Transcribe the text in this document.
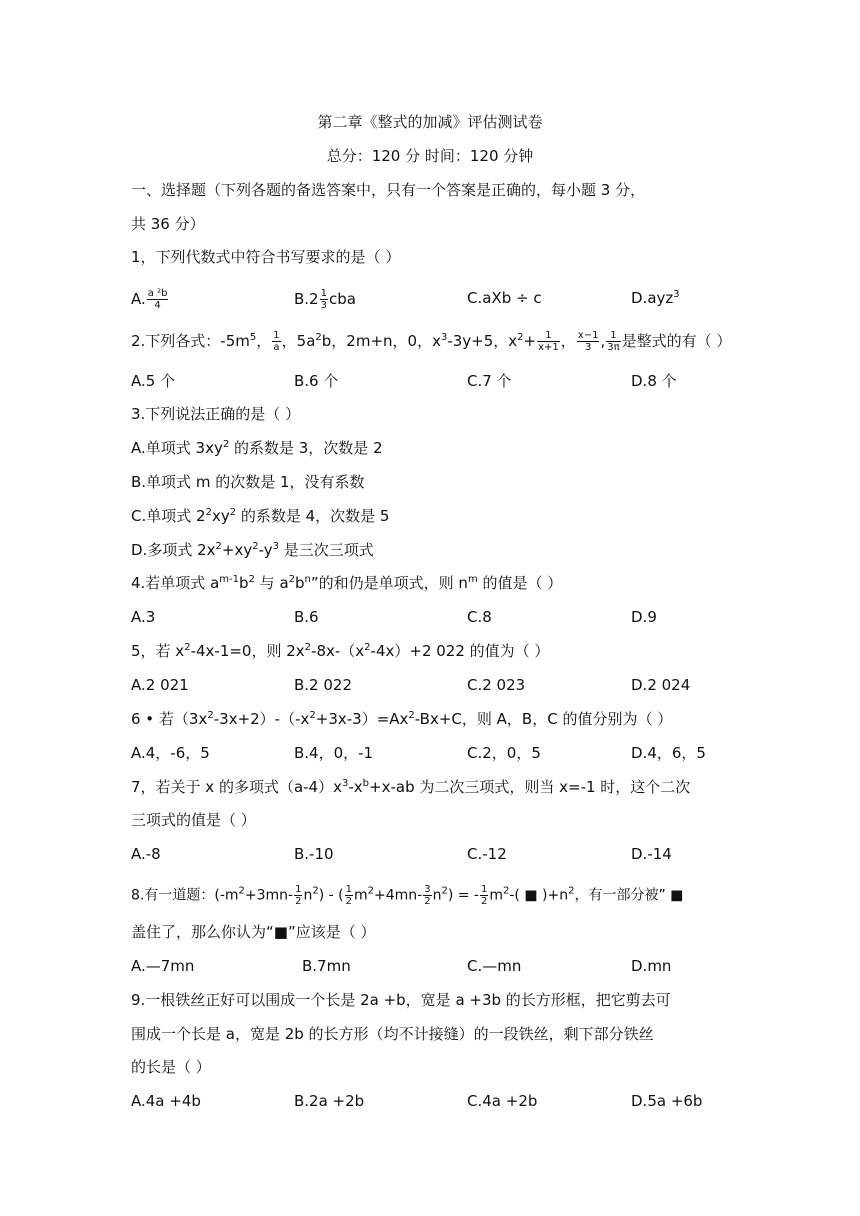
第二章《整式的加减》评估测试卷
总分：120 分 时间：120 分钟
一、选择题（下列各题的备选答案中，只有一个答案是正确的，每小题 3 分，
共 36 分）
1，下列代数式中符合书写要求的是（ ）
A. $\frac{\text{a ²b}}{4}$	$B.2 \frac{1}{3}$ cba	C.aXb ÷ c	D.ayz$^3$
2.下列各式：$-5m^5$， $\frac{1}{a}$ ，$5a^2b$，2m+n，0，$x^3-3y+5$，$x^2+ \frac{1}{x+1}$ ， $\frac{x-1}{3}$ , $\frac{1}{3\pi}$ 是整式的有（ ）
A.5 个	B.6 个	C.7 个	D.8 个
3.下列说法正确的是（ ）
A.单项式 $3xy^2$ 的系数是 3，次数是 2
B.单项式 m 的次数是 1，没有系数
C.单项式 $2^2xy^2$ 的系数是 4，次数是 5
D.多项式 $2x^2+xy^2-y^3$ 是三次三项式
4.若单项式 $a^{m-1}b^2$ 与 $a^2b^n$”的和仍是单项式，则 $n^m$ 的值是（ ）
A.3	B.6	C.8	D.9
5，若 $x^2-4x-1=0$，则 $2x^2-8x-(x^2-4x)+2$ 022 的值为（ ）
A.2 021	B.2 022	C.2 023	D.2 024
6 • 若$(3x^2-3x+2)-(-x^2+3x-3)=Ax^2-Bx+C$，则 A，B，C 的值分别为（ ）
A.4，-6，5	B.4，0，-1	C.2，0，5	D.4，6，5
7，若关于 x 的多项式$(a-4)x^3-x^b+x-ab$ 为二次三项式，则当 x=-1 时，这个二次
三项式的值是（ ）
A.-8	B.-10	C.-12	D.-14
8.有一道题：$(-m^2+3mn- \frac{1}{2} n^2)$ - ( $\frac{1}{2} m^2+4mn- \frac{3}{2} n^2$) = - $\frac{1}{2} m^2-$( ■ )$+n^2$，有一部分被” ■
盖住了，那么你认为“■”应该是（ ）
A.—7mn	B.7mn	C.—mn	D.mn
9.一根铁丝正好可以围成一个长是 2a +b，宽是 a +3b 的长方形框，把它剪去可
围成一个长是 a，宽是 2b 的长方形（均不计接缝）的一段铁丝，剩下部分铁丝
的长是（ ）
A.4a +4b	B.2a +2b	C.4a +2b	D.5a +6b
